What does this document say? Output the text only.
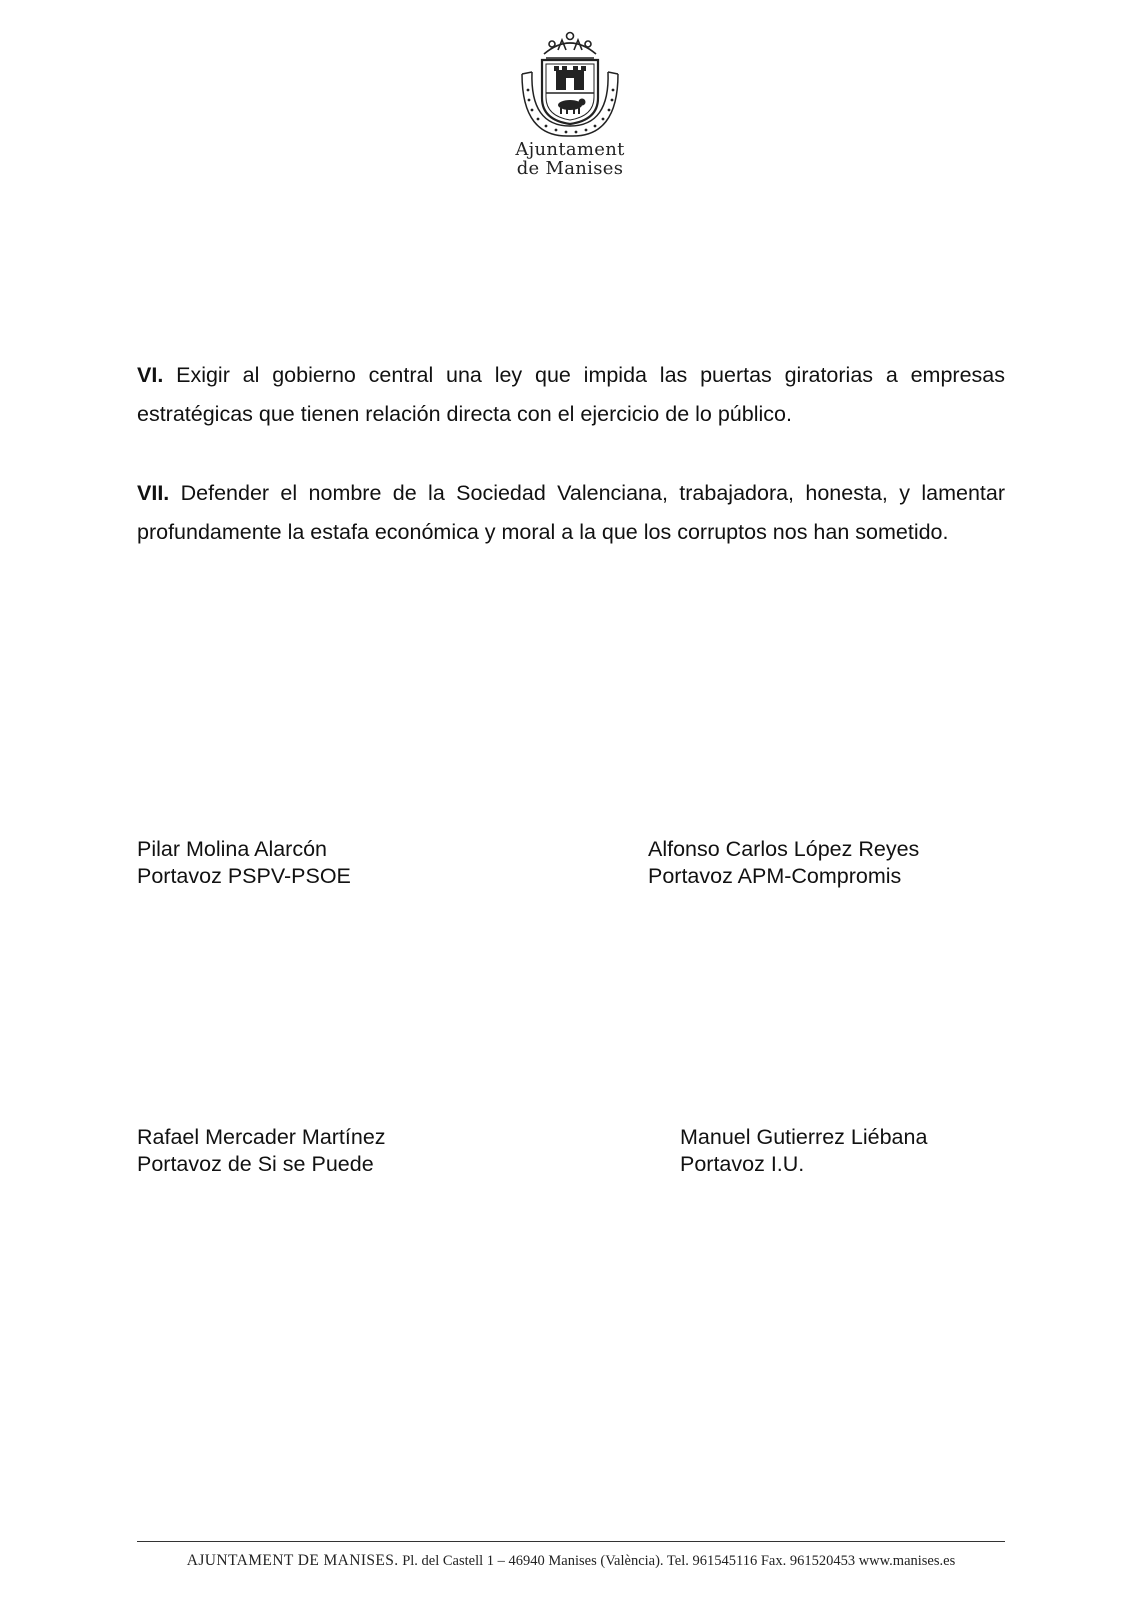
Ajuntament
de Manises

VI. Exigir al gobierno central una ley que impida las puertas giratorias a empresas estratégicas que tienen relación directa con el ejercicio de lo público.

VII. Defender el nombre de la Sociedad Valenciana, trabajadora, honesta, y lamentar profundamente la estafa económica y moral a la que los corruptos nos han sometido.

Pilar Molina Alarcón
Portavoz PSPV-PSOE
Alfonso Carlos López Reyes
Portavoz APM-Compromis
Rafael Mercader Martínez
Portavoz de Si se Puede
Manuel Gutierrez Liébana
Portavoz I.U.
AJUNTAMENT DE MANISES. Pl. del Castell 1 – 46940 Manises (València). Tel. 961545116 Fax. 961520453 www.manises.es
